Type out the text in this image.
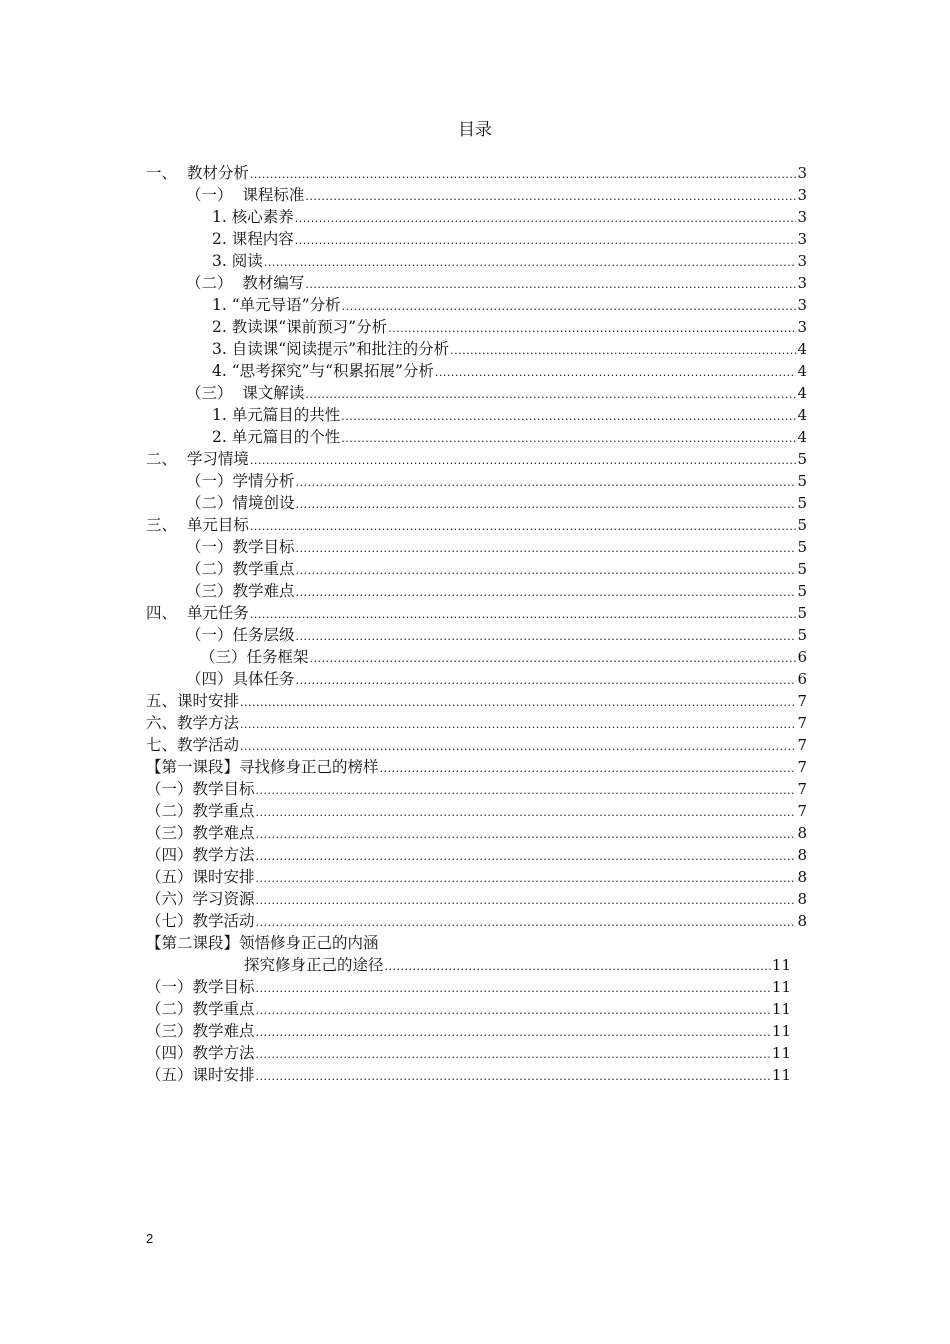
目录
一、  教材分析 .....	3
（一）  课程标准 .....	3
1. 核心素养 .....	3
2. 课程内容 .....	3
3. 阅读 .....	3
（二）  教材编写 .....	3
1. “单元导语”分析 .....	3
2. 教读课“课前预习”分析 .....	3
3. 自读课“阅读提示”和批注的分析 .....	4
4. “思考探究”与“积累拓展”分析 .....	4
（三）  课文解读 .....	4
1. 单元篇目的共性 .....	4
2. 单元篇目的个性 .....	4
二、  学习情境 .....	5
（一）学情分析 .....	5
（二）情境创设 .....	5
三、  单元目标 .....	5
（一）教学目标 .....	5
（二）教学重点 .....	5
（三）教学难点 .....	5
四、  单元任务 .....	5
（一）任务层级 .....	5
（三）任务框架 .....	6
（四）具体任务 .....	6
五、课时安排 .....	7
六、教学方法 .....	7
七、教学活动 .....	7
【第一课段】寻找修身正己的榜样 .....	7
（一）教学目标 .....	7
（二）教学重点 .....	7
（三）教学难点 .....	8
（四）教学方法 .....	8
（五）课时安排 .....	8
（六）学习资源 .....	8
（七）教学活动 .....	8
【第二课段】领悟修身正己的内涵
探究修身正己的途径 .....	11
（一）教学目标 .....	11
（二）教学重点 .....	11
（三）教学难点 .....	11
（四）教学方法 .....	11
（五）课时安排 .....	11
2
